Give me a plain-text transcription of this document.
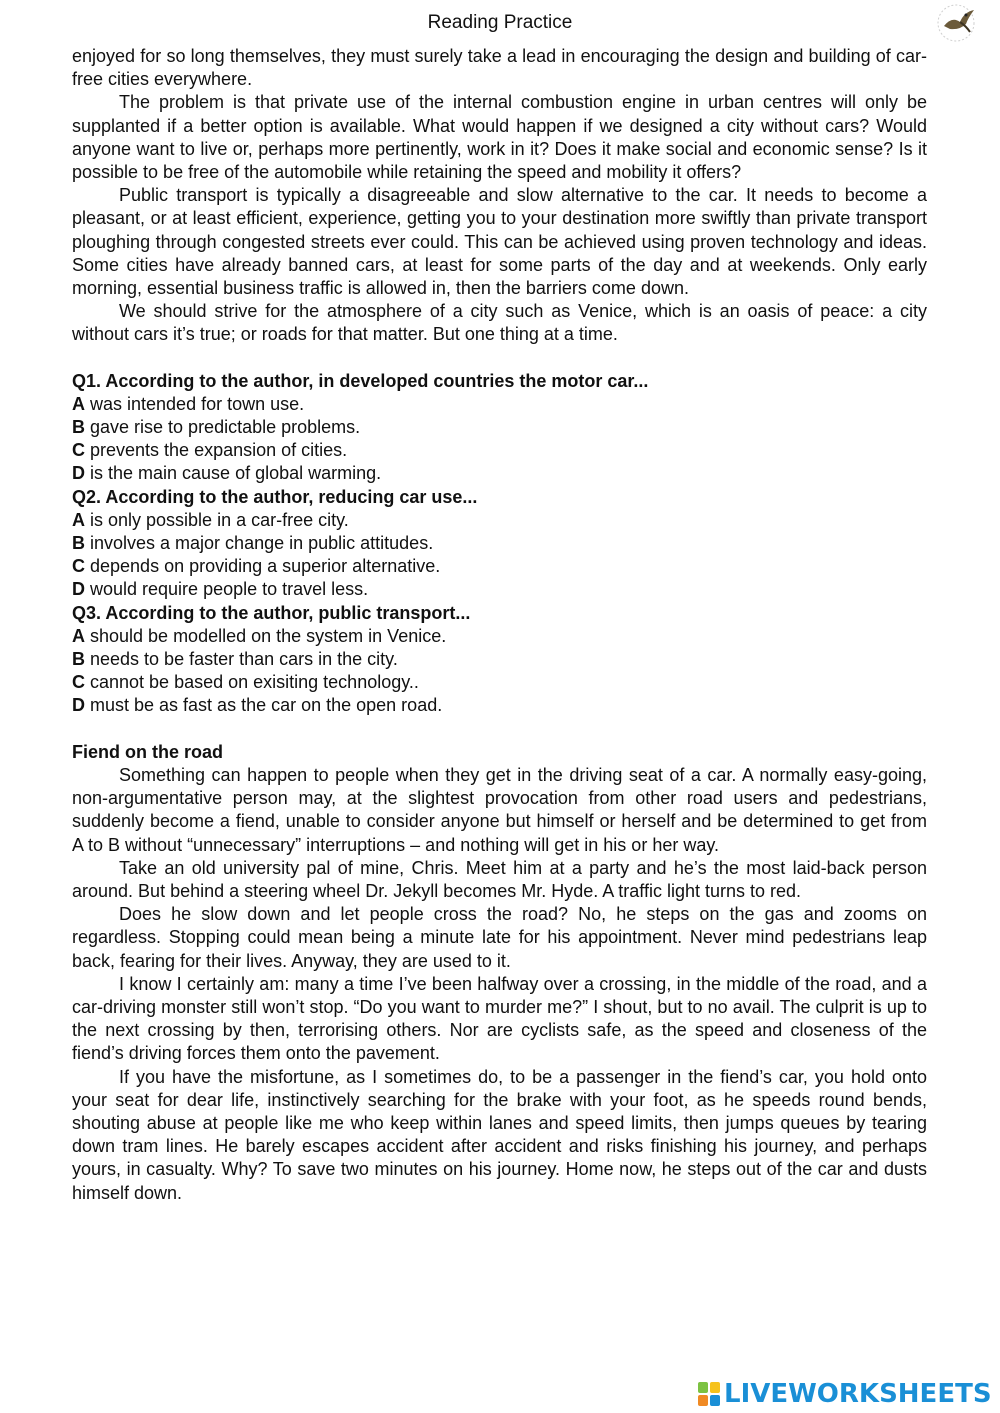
Reading Practice

enjoyed for so long themselves, they must surely take a lead in encouraging the design and building of car-free cities everywhere.

The problem is that private use of the internal combustion engine in urban centres will only be supplanted if a better option is available. What would happen if we designed a city without cars? Would anyone want to live or, perhaps more pertinently, work in it? Does it make social and economic sense? Is it possible to be free of the automobile while retaining the speed and mobility it offers?

Public transport is typically a disagreeable and slow alternative to the car. It needs to become a pleasant, or at least efficient, experience, getting you to your destination more swiftly than private transport ploughing through congested streets ever could. This can be achieved using proven technology and ideas. Some cities have already banned cars, at least for some parts of the day and at weekends. Only early morning, essential business traffic is allowed in, then the barriers come down.

We should strive for the atmosphere of a city such as Venice, which is an oasis of peace: a city without cars it’s true; or roads for that matter. But one thing at a time.

Q1. According to the author, in developed countries the motor car...

A was intended for town use.

B gave rise to predictable problems.

C prevents the expansion of cities.

D is the main cause of global warming.

Q2. According to the author, reducing car use...

A is only possible in a car-free city.

B involves a major change in public attitudes.

C depends on providing a superior alternative.

D would require people to travel less.

Q3. According to the author, public transport...

A should be modelled on the system in Venice.

B needs to be faster than cars in the city.

C cannot be based on exisiting technology..

D must be as fast as the car on the open road.

Fiend on the road

Something can happen to people when they get in the driving seat of a car. A normally easy-going, non-argumentative person may, at the slightest provocation from other road users and pedestrians, suddenly become a fiend, unable to consider anyone but himself or herself and be determined to get from A to B without “unnecessary” interruptions – and nothing will get in his or her way.

Take an old university pal of mine, Chris. Meet him at a party and he’s the most laid-back person around. But behind a steering wheel Dr. Jekyll becomes Mr. Hyde. A traffic light turns to red.

Does he slow down and let people cross the road? No, he steps on the gas and zooms on regardless. Stopping could mean being a minute late for his appointment. Never mind pedestrians leap back, fearing for their lives. Anyway, they are used to it.

I know I certainly am: many a time I’ve been halfway over a crossing, in the middle of the road, and a car-driving monster still won’t stop. “Do you want to murder me?” I shout, but to no avail. The culprit is up to the next crossing by then, terrorising others. Nor are cyclists safe, as the speed and closeness of the fiend’s driving forces them onto the pavement.

If you have the misfortune, as I sometimes do, to be a passenger in the fiend’s car, you hold onto your seat for dear life, instinctively searching for the brake with your foot, as he speeds round bends, shouting abuse at people like me who keep within lanes and speed limits, then jumps queues by tearing down tram lines. He barely escapes accident after accident and risks finishing his journey, and perhaps yours, in casualty. Why? To save two minutes on his journey. Home now, he steps out of the car and dusts himself down.

LIVEWORKSHEETS
